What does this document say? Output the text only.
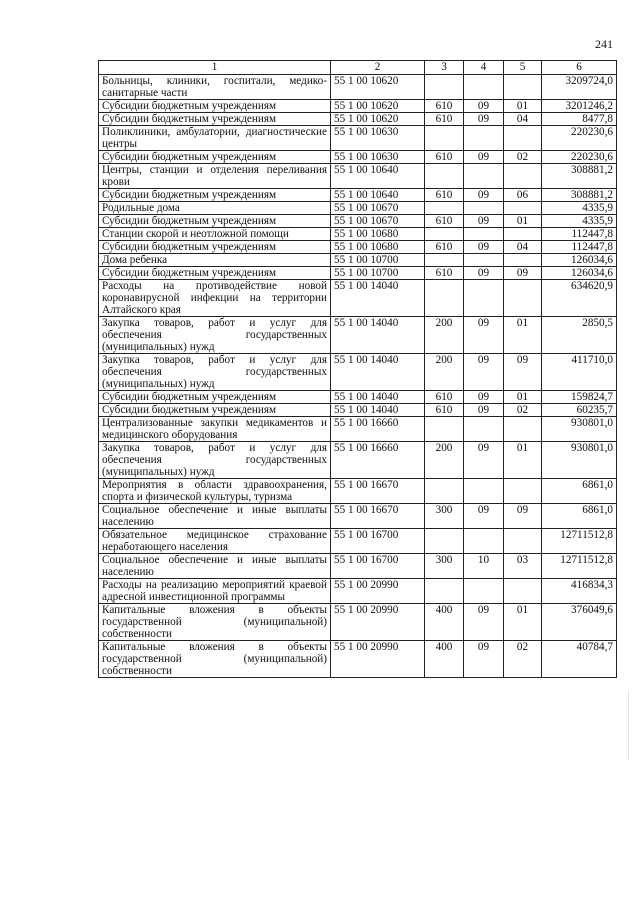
241
1	2	3	4	5	6
Больницы, клиники, госпитали, медико-санитарные части	55 1 00 10620				3209724,0
Субсидии бюджетным учреждениям	55 1 00 10620	610	09	01	3201246,2
Субсидии бюджетным учреждениям	55 1 00 10620	610	09	04	8477,8
Поликлиники, амбулатории, диагностические центры	55 1 00 10630				220230,6
Субсидии бюджетным учреждениям	55 1 00 10630	610	09	02	220230,6
Центры, станции и отделения переливания крови	55 1 00 10640				308881,2
Субсидии бюджетным учреждениям	55 1 00 10640	610	09	06	308881,2
Родильные дома	55 1 00 10670				4335,9
Субсидии бюджетным учреждениям	55 1 00 10670	610	09	01	4335,9
Станции скорой и неотложной помощи	55 1 00 10680				112447,8
Субсидии бюджетным учреждениям	55 1 00 10680	610	09	04	112447,8
Дома ребенка	55 1 00 10700				126034,6
Субсидии бюджетным учреждениям	55 1 00 10700	610	09	09	126034,6
Расходы на противодействие новой коронавирусной инфекции на территории Алтайского края	55 1 00 14040				634620,9
Закупка товаров, работ и услуг для обеспечения государственных (муниципальных) нужд	55 1 00 14040	200	09	01	2850,5
Закупка товаров, работ и услуг для обеспечения государственных (муниципальных) нужд	55 1 00 14040	200	09	09	411710,0
Субсидии бюджетным учреждениям	55 1 00 14040	610	09	01	159824,7
Субсидии бюджетным учреждениям	55 1 00 14040	610	09	02	60235,7
Централизованные закупки медикаментов и медицинского оборудования	55 1 00 16660				930801,0
Закупка товаров, работ и услуг для обеспечения государственных (муниципальных) нужд	55 1 00 16660	200	09	01	930801,0
Мероприятия в области здравоохранения, спорта и физической культуры, туризма	55 1 00 16670				6861,0
Социальное обеспечение и иные выплаты населению	55 1 00 16670	300	09	09	6861,0
Обязательное медицинское страхование неработающего населения	55 1 00 16700				12711512,8
Социальное обеспечение и иные выплаты населению	55 1 00 16700	300	10	03	12711512,8
Расходы на реализацию мероприятий краевой адресной инвестиционной программы	55 1 00 20990				416834,3
Капитальные вложения в объекты государственной (муниципальной) собственности	55 1 00 20990	400	09	01	376049,6
Капитальные вложения в объекты государственной (муниципальной) собственности	55 1 00 20990	400	09	02	40784,7
